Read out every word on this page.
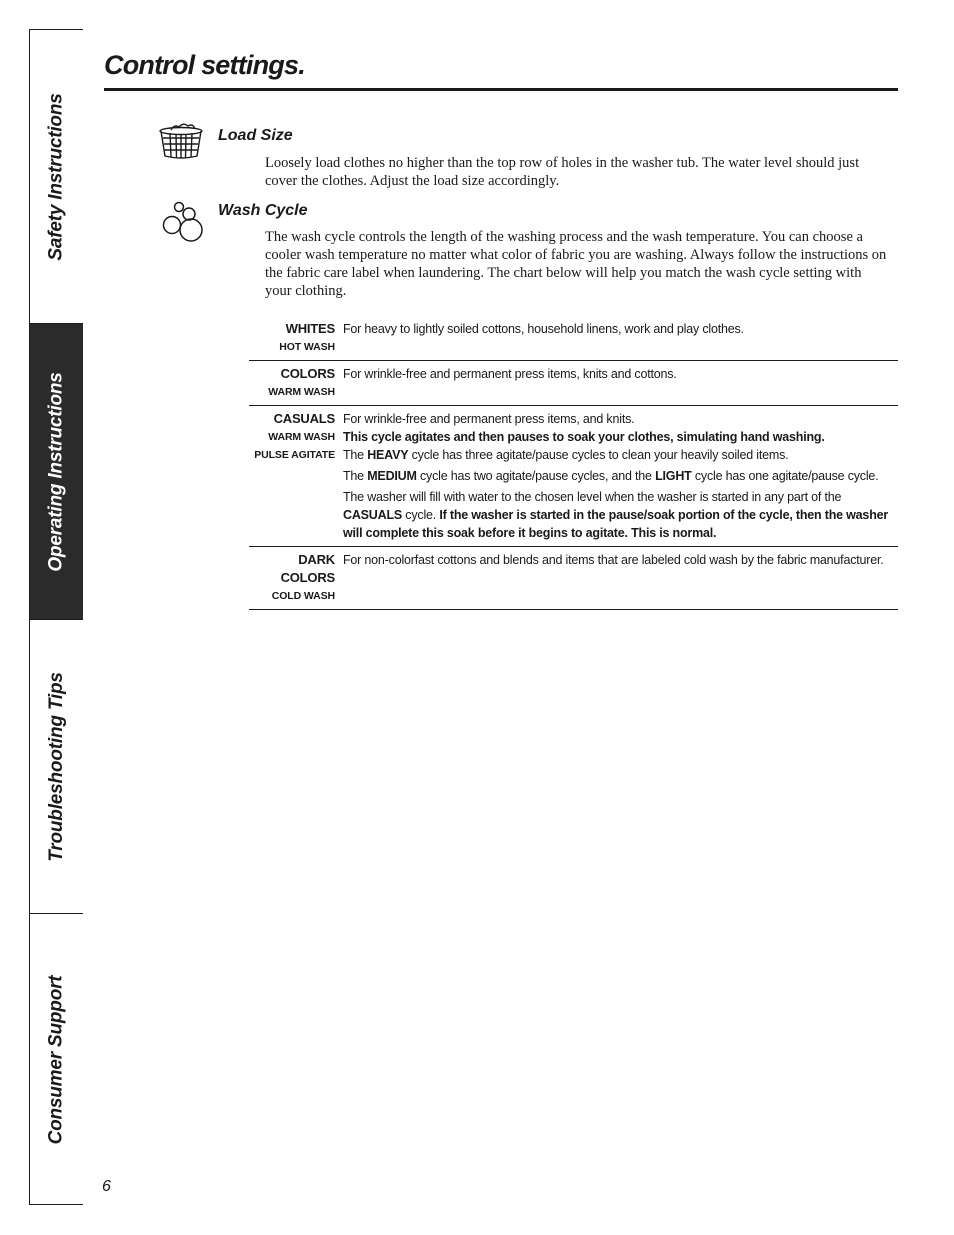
Safety Instructions
Operating Instructions
Troubleshooting Tips
Consumer Support
Control settings.
Load Size

Loosely load clothes no higher than the top row of holes in the washer tub. The water level should just cover the clothes. Adjust the load size accordingly.

Wash Cycle

The wash cycle controls the length of the washing process and the wash temperature. You can choose a cooler wash temperature no matter what color of fabric you are washing. Always follow the instructions on the fabric care label when laundering. The chart below will help you match the wash cycle setting with your clothing.

WHITES
HOT WASH

For heavy to lightly soiled cottons, household linens, work and play clothes.

COLORS
WARM WASH

For wrinkle-free and permanent press items, knits and cottons.

CASUALS
WARM WASH
PULSE AGITATE

For wrinkle-free and permanent press items, and knits.

This cycle agitates and then pauses to soak your clothes, simulating hand washing.

The HEAVY cycle has three agitate/pause cycles to clean your heavily soiled items.

The MEDIUM cycle has two agitate/pause cycles, and the LIGHT cycle has one agitate/pause cycle.

The washer will fill with water to the chosen level when the washer is started in any part of the CASUALS cycle. If the washer is started in the pause/soak portion of the cycle, then the washer will complete this soak before it begins to agitate. This is normal.

DARK COLORS
COLD WASH

For non-colorfast cottons and blends and items that are labeled cold wash by the fabric manufacturer.

6
